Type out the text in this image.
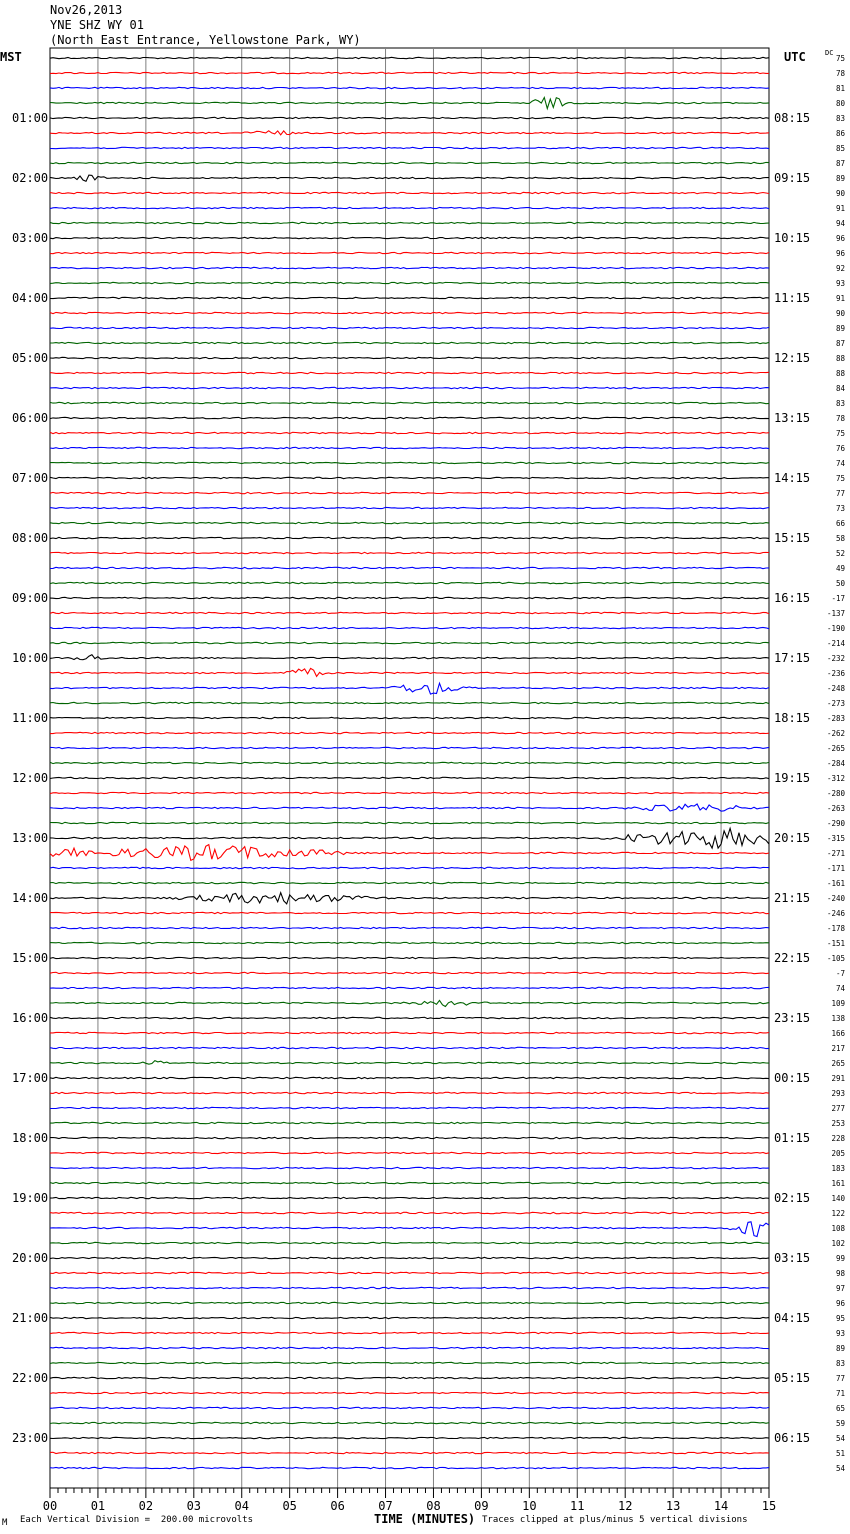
Nov26,2013
YNE SHZ WY 01
(North East Entrance, Yellowstone Park, WY)
MST	UTC	DC
01:00
02:00
03:00
04:00
05:00
06:00
07:00
08:00
09:00
10:00
11:00
12:00
13:00
14:00
15:00
16:00
17:00
18:00
19:00
20:00
21:00
22:00
23:00
08:15
09:15
10:15
11:15
12:15
13:15
14:15
15:15
16:15
17:15
18:15
19:15
20:15
21:15
22:15
23:15
00:15
01:15
02:15
03:15
04:15
05:15
06:15
75
78
81
80
83
86
85
87
89
90
91
94
96
96
92
93
91
90
89
87
88
88
84
83
78
75
76
74
75
77
73
66
58
52
49
50
-17
-137
-190
-214
-232
-236
-248
-273
-283
-262
-265
-284
-312
-280
-263
-290
-315
-271
-171
-161
-240
-246
-178
-151
-105
-7
74
109
138
166
217
265
291
293
277
253
228
205
183
161
140
122
108
102
99
98
97
96
95
93
89
83
77
71
65
59
54
51
54
00	01	02	03	04	05	06	07	08	09	10	11	12	13	14	15
M Each Vertical Division =  200.00 microvolts	TIME (MINUTES) Traces clipped at plus/minus 5 vertical divisions
